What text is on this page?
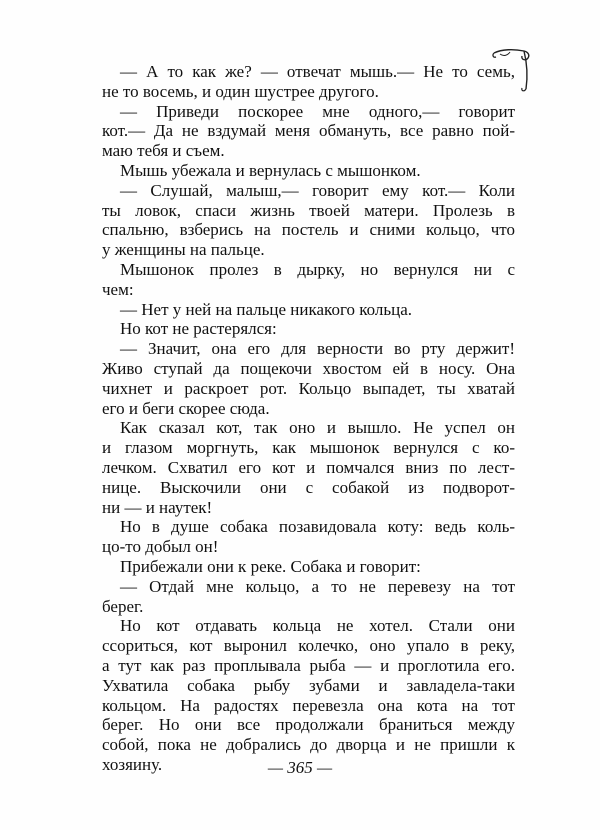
— А то как же? — отвечат мышь.— Не то семь,
не то восемь, и один шустрее другого.
— Приведи поскорее мне одного,— говорит
кот.— Да не вздумай меня обмануть, все равно пой-
маю тебя и съем.
Мышь убежала и вернулась с мышонком.
— Слушай, малыш,— говорит ему кот.— Коли
ты ловок, спаси жизнь твоей матери. Пролезь в
спальню, взберись на постель и сними кольцо, что
у женщины на пальце.
Мышонок пролез в дырку, но вернулся ни с
чем:
— Нет у ней на пальце никакого кольца.
Но кот не растерялся:
— Значит, она его для верности во рту держит!
Живо ступай да пощекочи хвостом ей в носу. Она
чихнет и раскроет рот. Кольцо выпадет, ты хватай
его и беги скорее сюда.
Как сказал кот, так оно и вышло. Не успел он
и глазом моргнуть, как мышонок вернулся с ко-
лечком. Схватил его кот и помчался вниз по лест-
нице. Выскочили они с собакой из подворот-
ни — и наутек!
Но в душе собака позавидовала коту: ведь коль-
цо-то добыл он!
Прибежали они к реке. Собака и говорит:
— Отдай мне кольцо, а то не перевезу на тот
берег.
Но кот отдавать кольца не хотел. Стали они
ссориться, кот выронил колечко, оно упало в реку,
а тут как раз проплывала рыба — и проглотила его.
Ухватила собака рыбу зубами и завладела-таки
кольцом. На радостях перевезла она кота на тот
берег. Но они все продолжали браниться между
собой, пока не добрались до дворца и не пришли к
хозяину.	— 365 —
